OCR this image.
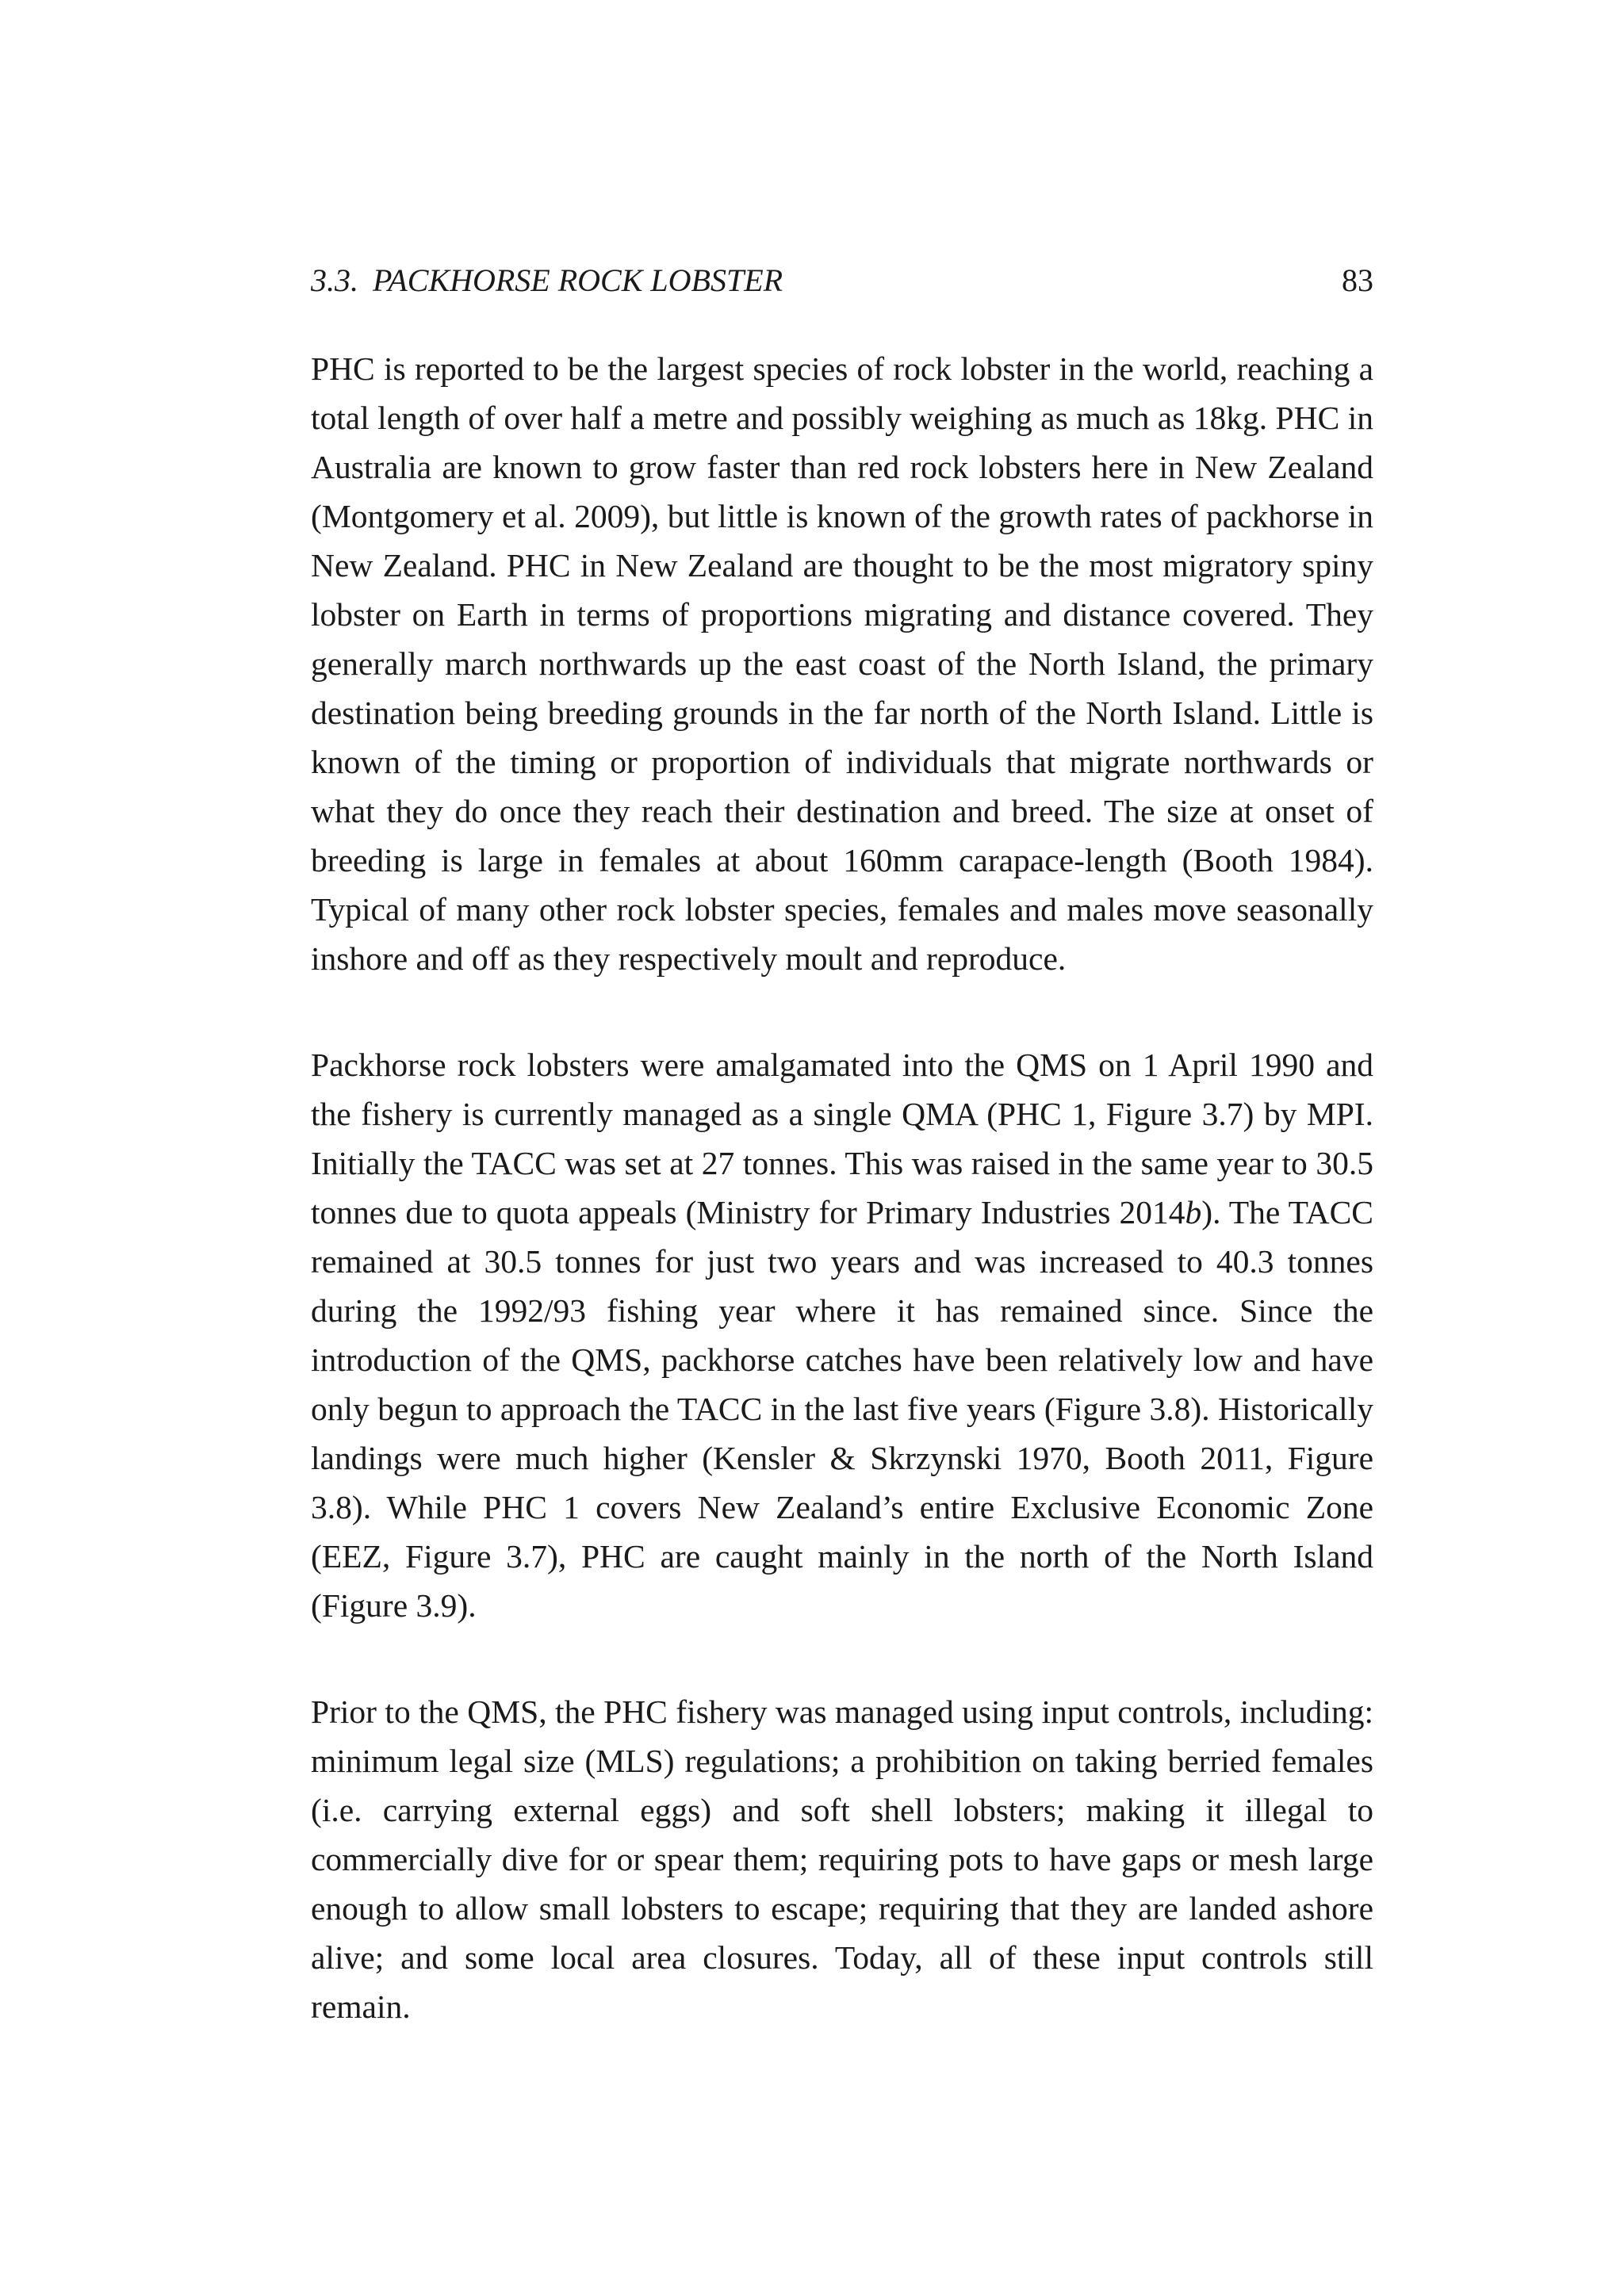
3.3. PACKHORSE ROCK LOBSTER	83

PHC is reported to be the largest species of rock lobster in the world, reaching a total length of over half a metre and possibly weighing as much as 18kg. PHC in Australia are known to grow faster than red rock lobsters here in New Zealand (Montgomery et al. 2009), but little is known of the growth rates of packhorse in New Zealand. PHC in New Zealand are thought to be the most migratory spiny lobster on Earth in terms of proportions migrating and distance covered. They generally march northwards up the east coast of the North Island, the primary destination being breeding grounds in the far north of the North Island. Little is known of the timing or proportion of individuals that migrate northwards or what they do once they reach their destination and breed. The size at onset of breeding is large in females at about 160mm carapace-length (Booth 1984). Typical of many other rock lobster species, females and males move seasonally inshore and off as they respectively moult and reproduce.

Packhorse rock lobsters were amalgamated into the QMS on 1 April 1990 and the fishery is currently managed as a single QMA (PHC 1, Figure 3.7) by MPI. Initially the TACC was set at 27 tonnes. This was raised in the same year to 30.5 tonnes due to quota appeals (Ministry for Primary Industries 2014b). The TACC remained at 30.5 tonnes for just two years and was increased to 40.3 tonnes during the 1992/93 fishing year where it has remained since. Since the introduction of the QMS, packhorse catches have been relatively low and have only begun to approach the TACC in the last five years (Figure 3.8). Historically landings were much higher (Kensler & Skrzynski 1970, Booth 2011, Figure 3.8). While PHC 1 covers New Zealand’s entire Exclusive Economic Zone (EEZ, Figure 3.7), PHC are caught mainly in the north of the North Island (Figure 3.9).

Prior to the QMS, the PHC fishery was managed using input controls, including: minimum legal size (MLS) regulations; a prohibition on taking berried females (i.e. carrying external eggs) and soft shell lobsters; making it illegal to commercially dive for or spear them; requiring pots to have gaps or mesh large enough to allow small lobsters to escape; requiring that they are landed ashore alive; and some local area closures. Today, all of these input controls still remain.
